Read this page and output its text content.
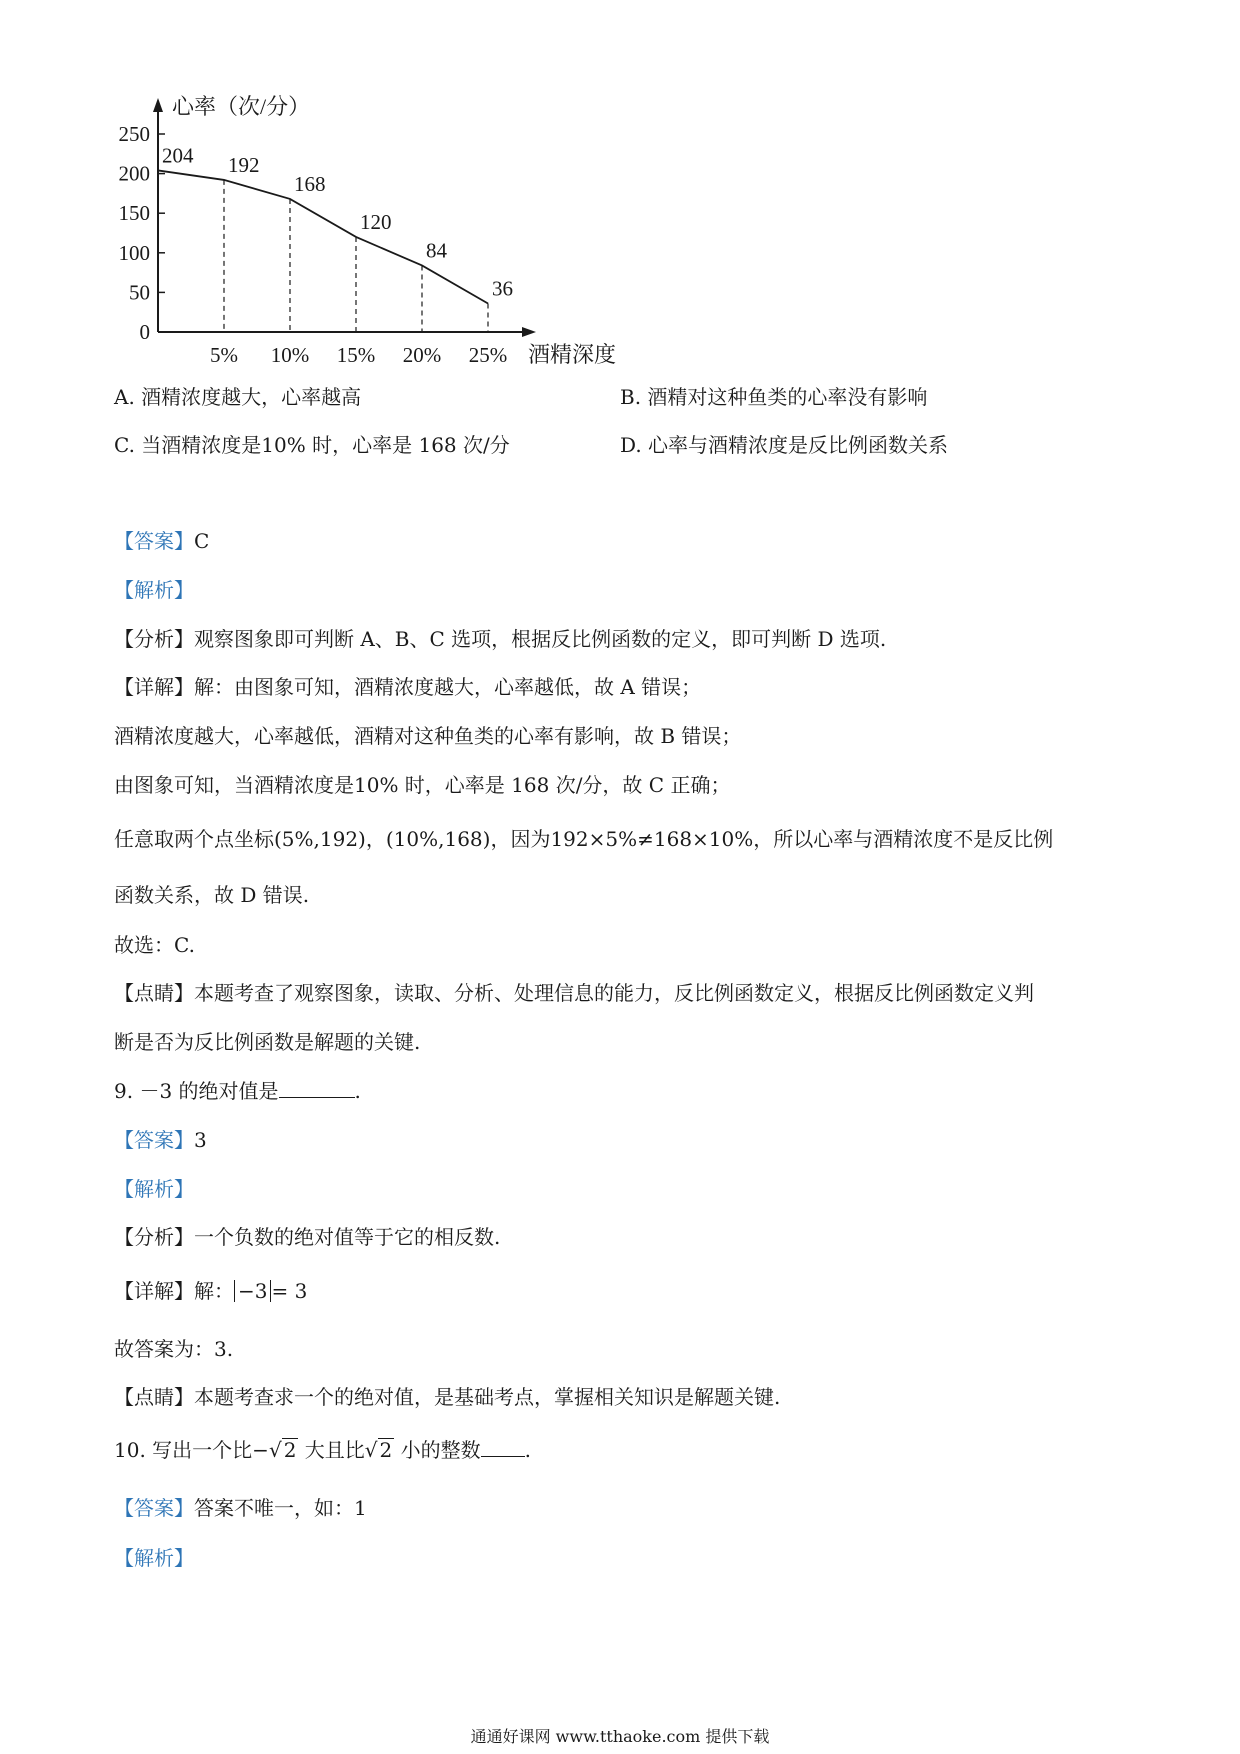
心率（次/分）
酒精深度
250
200
150
100
50
0
5% 10% 15% 20% 25%
204 192
168
120
84
36
A. 酒精浓度越大，心率越高	B. 酒精对这种鱼类的心率没有影响
C. 当酒精浓度是10% 时，心率是 168 次/分	D. 心率与酒精浓度是反比例函数关系
【答案】C
【解析】
【分析】观察图象即可判断 A、B、C 选项，根据反比例函数的定义，即可判断 D 选项.
【详解】解：由图象可知，酒精浓度越大，心率越低，故 A 错误；
酒精浓度越大，心率越低，酒精对这种鱼类的心率有影响，故 B 错误；
由图象可知，当酒精浓度是10% 时，心率是 168 次/分，故 C 正确；
任意取两个点坐标(5%,192)，(10%,168)，因为192×5%≠168×10%，所以心率与酒精浓度不是反比例
函数关系，故 D 错误.
故选：C.
【点睛】本题考查了观察图象，读取、分析、处理信息的能力，反比例函数定义，根据反比例函数定义判
断是否为反比例函数是解题的关键.
9. －3 的绝对值是	.
【答案】3
【解析】
【分析】一个负数的绝对值等于它的相反数.
【详解】解： −3 = 3
故答案为：3.
【点睛】本题考查求一个的绝对值，是基础考点，掌握相关知识是解题关键.
10. 写出一个比−√ 2 大且比√ 2 小的整数 .
【答案】答案不唯一，如：1
【解析】
通通好课网 www.tthaoke.com 提供下载
